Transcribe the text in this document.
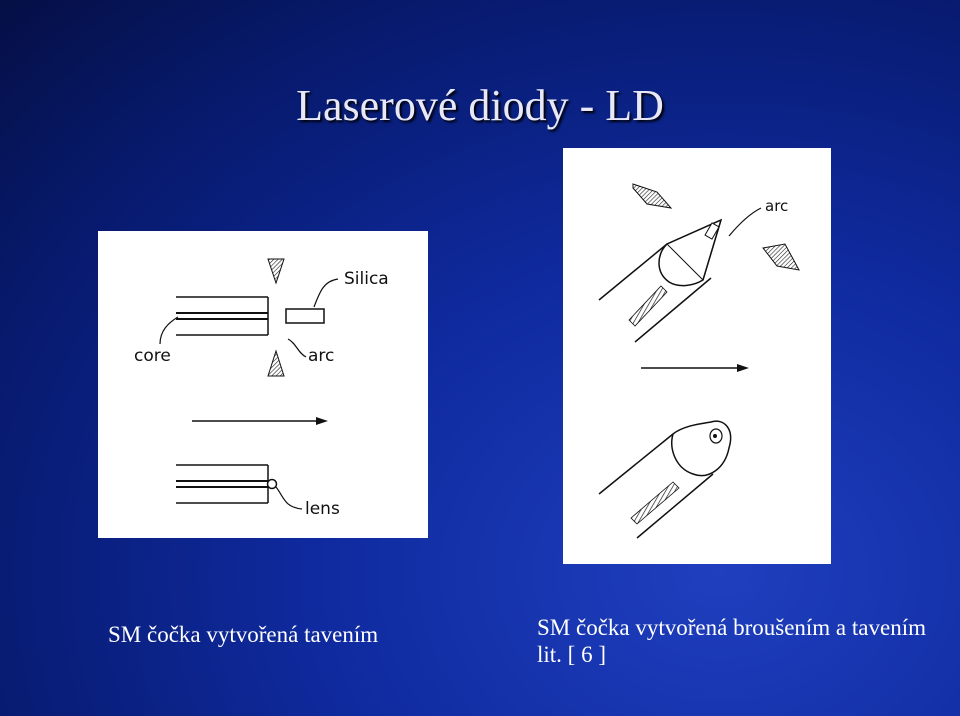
Laserové diody - LD
Silica
core	arc
lens
arc
SM čočka vytvořená tavením	SM čočka vytvořená broušením a tavením lit. [ 6 ]
